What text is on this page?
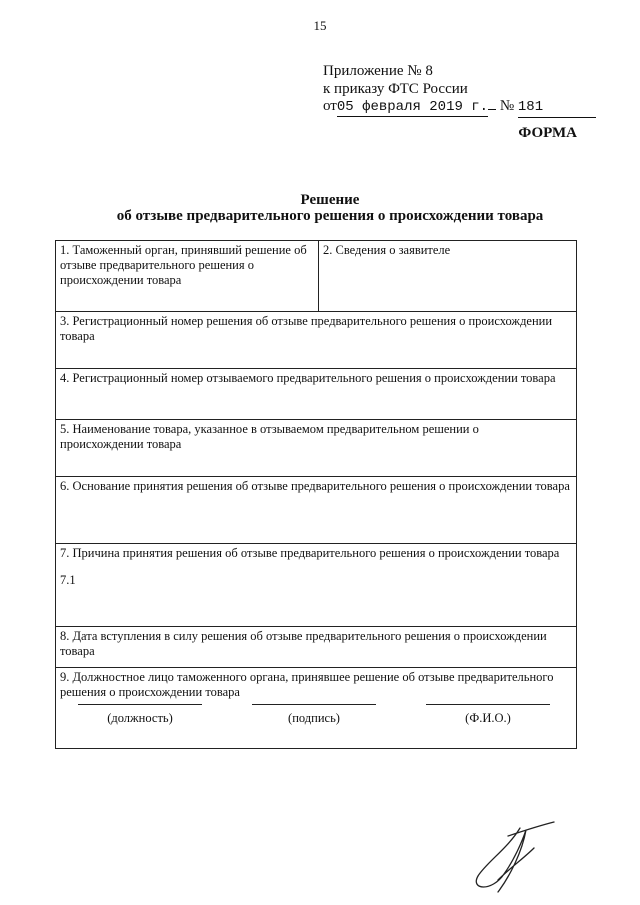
15
Приложение № 8
к приказу ФТС России
от05 февраля 2019 г. № 181
ФОРМА
Решение
об отзыве предварительного решения о происхождении товара
1. Таможенный орган, принявший решение об отзыве предварительного решения о происхождении товара

2. Сведения о заявителе

3. Регистрационный номер решения об отзыве предварительного решения о происхождении товара

4. Регистрационный номер отзываемого предварительного решения о происхождении товара

5. Наименование товара, указанное в отзываемом предварительном решении о происхождении товара

6. Основание принятия решения об отзыве предварительного решения о происхождении товара

7. Причина принятия решения об отзыве предварительного решения о происхождении товара
7.1

8. Дата вступления в силу решения об отзыве предварительного решения о происхождении товара

9. Должностное лицо таможенного органа, принявшее решение об отзыве предварительного решения о происхождении товара
(должность)	(подпись)	(Ф.И.О.)
